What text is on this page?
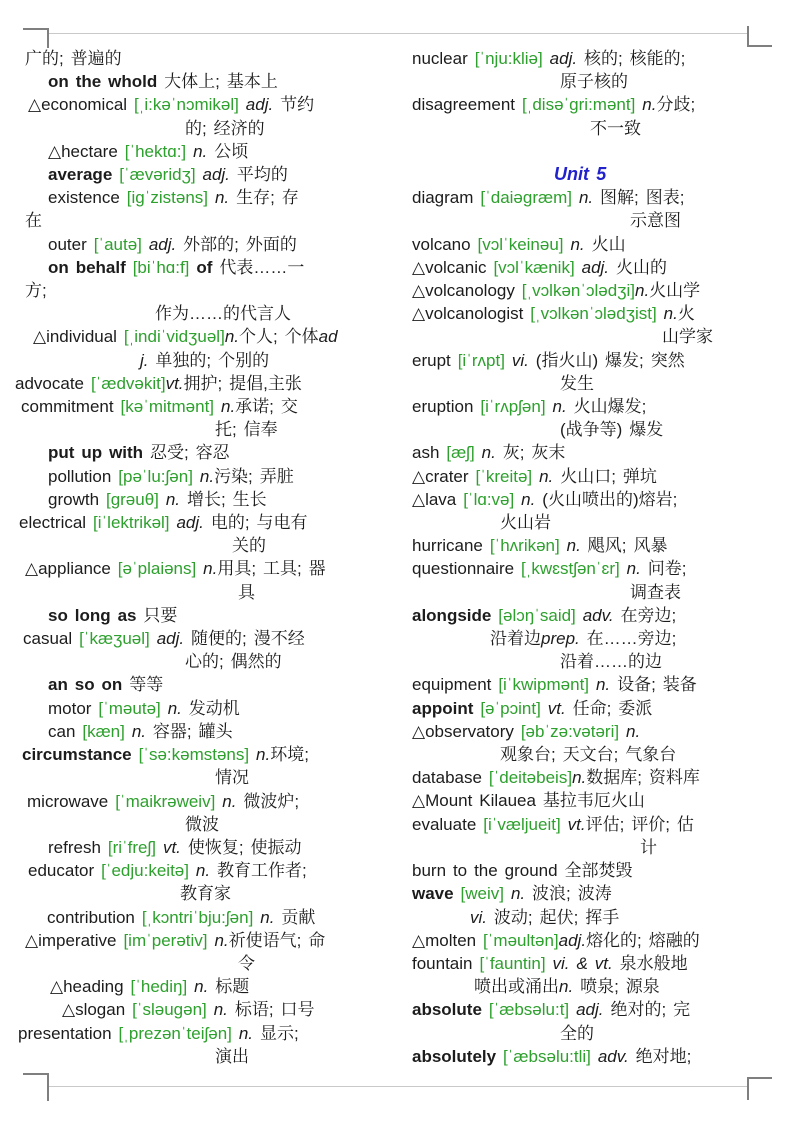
广的; 普遍的
on the whold 大体上; 基本上
△economical [ˌi:kəˈnɔmikəl] adj. 节约
的; 经济的
△hectare [ˈhektɑ:] n. 公顷
average [ˈævəridʒ] adj. 平均的
existence [igˈzistəns] n. 生存; 存
在
outer [ˈautə] adj. 外部的; 外面的
on behalf [biˈhɑ:f] of 代表……一
方;
作为……的代言人
△individual [ˌindiˈvidʒuəl]n.个人; 个体ad
j. 单独的; 个别的
advocate [ˈædvəkit]vt.拥护; 提倡,主张
commitment [kəˈmitmənt] n.承诺; 交
托; 信奉
put up with 忍受; 容忍
pollution [pəˈlu:ʃən] n.污染; 弄脏
growth [grəuθ] n. 增长; 生长
electrical [iˈlektrikəl] adj. 电的; 与电有
关的
△appliance [əˈplaiəns] n.用具; 工具; 器
具
so long as 只要
casual [ˈkæʒuəl] adj. 随便的; 漫不经
心的; 偶然的
an so on 等等
motor [ˈməutə] n. 发动机
can [kæn] n. 容器; 罐头
circumstance [ˈsə:kəmstəns] n.环境;
情况
microwave [ˈmaikrəweiv] n. 微波炉;
微波
refresh [riˈfreʃ] vt. 使恢复; 使振动
educator [ˈedju:keitə] n. 教育工作者;
教育家
contribution [ˌkɔntriˈbju:ʃən] n. 贡献
△imperative [imˈperətiv] n.祈使语气; 命
令
△heading [ˈhediŋ] n. 标题
△slogan [ˈsləugən] n. 标语; 口号
presentation [ˌprezənˈteiʃən] n. 显示;
演出
nuclear [ˈnju:kliə] adj. 核的; 核能的;
原子核的
disagreement [ˌdisəˈgri:mənt] n.分歧;
不一致
Unit 5
diagram [ˈdaiəgræm] n. 图解; 图表;
示意图
volcano [vɔlˈkeinəu] n. 火山
△volcanic [vɔlˈkænik] adj. 火山的
△volcanology [ˌvɔlkənˈɔlədʒi]n.火山学
△volcanologist [ˌvɔlkənˈɔlədʒist] n.火
山学家
erupt [iˈrʌpt] vi. (指火山) 爆发; 突然
发生
eruption [iˈrʌpʃən] n. 火山爆发;
(战争等) 爆发
ash [æʃ] n. 灰; 灰末
△crater [ˈkreitə] n. 火山口; 弹坑
△lava [ˈlɑ:və] n. (火山喷出的)熔岩;
火山岩
hurricane [ˈhʌrikən] n. 飓风; 风暴
questionnaire [ˌkwɛstʃənˈɛr] n. 问卷;
调查表
alongside [əlɔŋˈsaid] adv. 在旁边;
沿着边prep. 在……旁边;
沿着……的边
equipment [iˈkwipmənt] n. 设备; 装备
appoint [əˈpɔint] vt. 任命; 委派
△observatory [əbˈzə:vətəri] n.
观象台; 天文台; 气象台
database [ˈdeitəbeis]n.数据库; 资料库
△Mount Kilauea 基拉韦厄火山
evaluate [iˈvæljueit] vt.评估; 评价; 估
计
burn to the ground 全部焚毁
wave [weiv] n. 波浪; 波涛
vi. 波动; 起伏; 挥手
△molten [ˈməultən]adj.熔化的; 熔融的
fountain [ˈfauntin] vi. & vt. 泉水般地
喷出或涌出n. 喷泉; 源泉
absolute [ˈæbsəlu:t] adj. 绝对的; 完
全的
absolutely [ˈæbsəlu:tli] adv. 绝对地;
